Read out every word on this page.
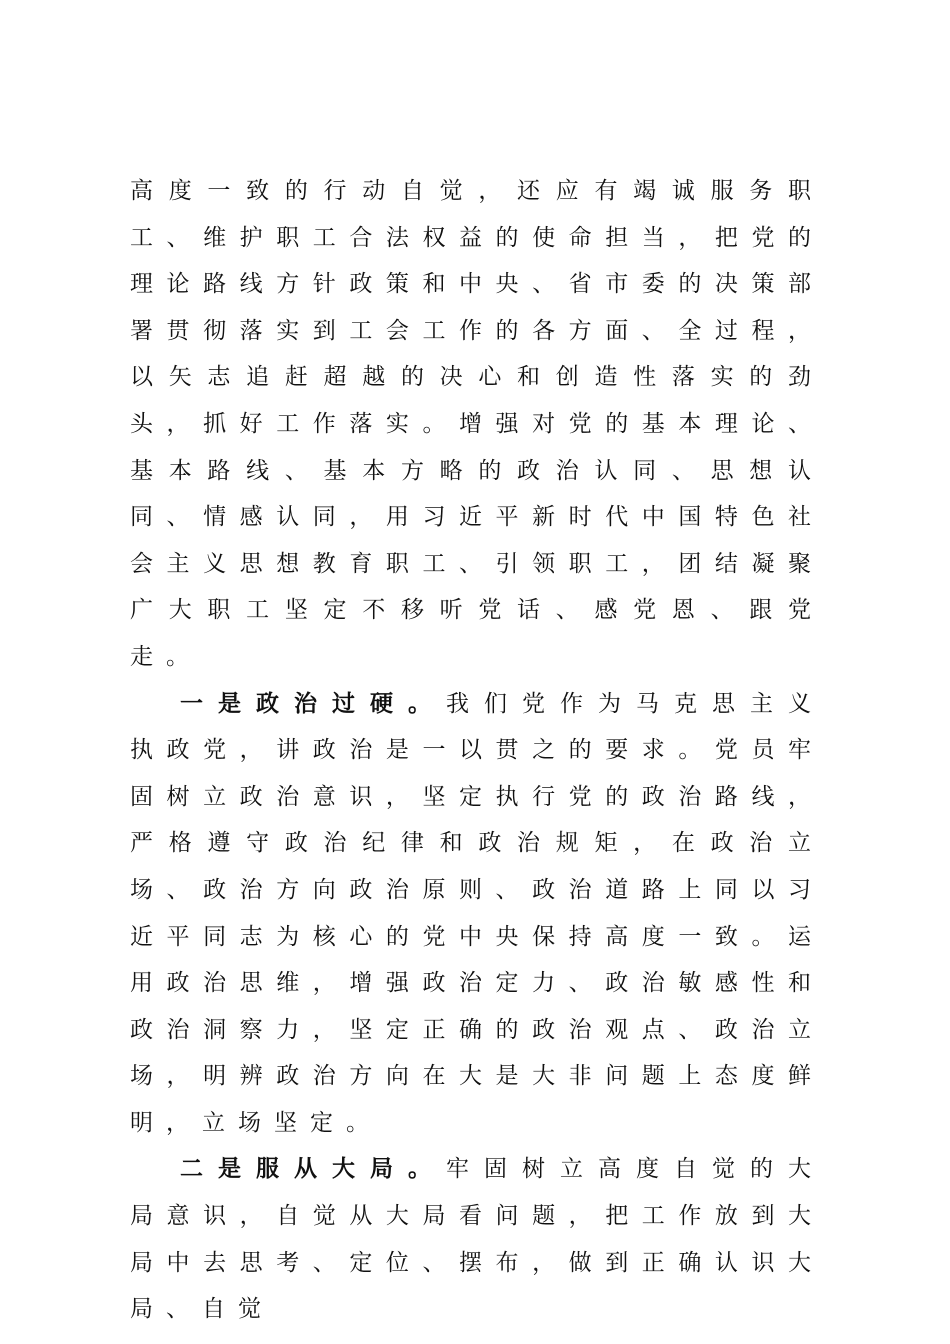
高度一致的行动自觉，还应有竭诚服务职工、维护职工合法权益的使命担当，把党的理论路线方针政策和中央、省市委的决策部署贯彻落实到工会工作的各方面、全过程，以矢志追赶超越的决心和创造性落实的劲头，抓好工作落实。增强对党的基本理论、基本路线、基本方略的政治认同、思想认同、情感认同，用习近平新时代中国特色社会主义思想教育职工、引领职工，团结凝聚广大职工坚定不移听党话、感党恩、跟党走。

一是政治过硬。我们党作为马克思主义执政党，讲政治是一以贯之的要求。党员牢固树立政治意识，坚定执行党的政治路线，严格遵守政治纪律和政治规矩，在政治立场、政治方向政治原则、政治道路上同以习近平同志为核心的党中央保持高度一致。运用政治思维，增强政治定力、政治敏感性和政治洞察力，坚定正确的政治观点、政治立场，明辨政治方向在大是大非问题上态度鲜明，立场坚定。

二是服从大局。牢固树立高度自觉的大局意识，自觉从大局看问题，把工作放到大局中去思考、定位、摆布，做到正确认识大局、自觉
